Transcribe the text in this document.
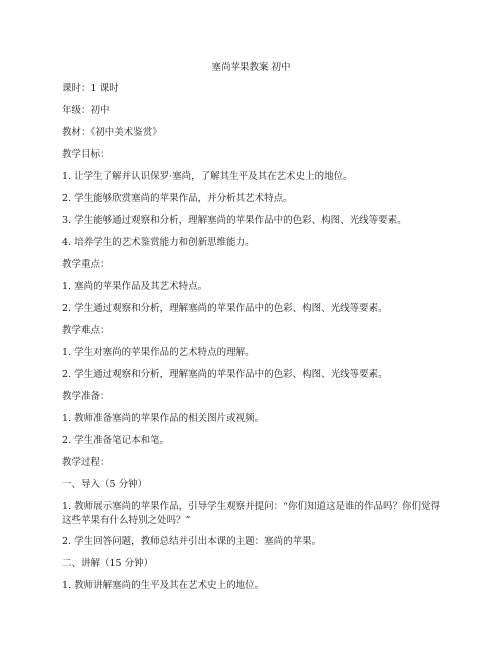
塞尚苹果教案 初中
课时：1 课时
年级：初中
教材：《初中美术鉴赏》
教学目标：
1. 让学生了解并认识保罗·塞尚，了解其生平及其在艺术史上的地位。
2. 学生能够欣赏塞尚的苹果作品，并分析其艺术特点。
3. 学生能够通过观察和分析，理解塞尚的苹果作品中的色彩、构图、光线等要素。
4. 培养学生的艺术鉴赏能力和创新思维能力。
教学重点：
1. 塞尚的苹果作品及其艺术特点。
2. 学生通过观察和分析，理解塞尚的苹果作品中的色彩、构图、光线等要素。
教学难点：
1. 学生对塞尚的苹果作品的艺术特点的理解。
2. 学生通过观察和分析，理解塞尚的苹果作品中的色彩、构图、光线等要素。
教学准备：
1. 教师准备塞尚的苹果作品的相关图片或视频。
2. 学生准备笔记本和笔。
教学过程：
一、导入（5 分钟）
1. 教师展示塞尚的苹果作品，引导学生观察并提问：“你们知道这是谁的作品吗？你们觉得这些苹果有什么特别之处吗？”
2. 学生回答问题，教师总结并引出本课的主题：塞尚的苹果。
二、讲解（15 分钟）
1. 教师讲解塞尚的生平及其在艺术史上的地位。
